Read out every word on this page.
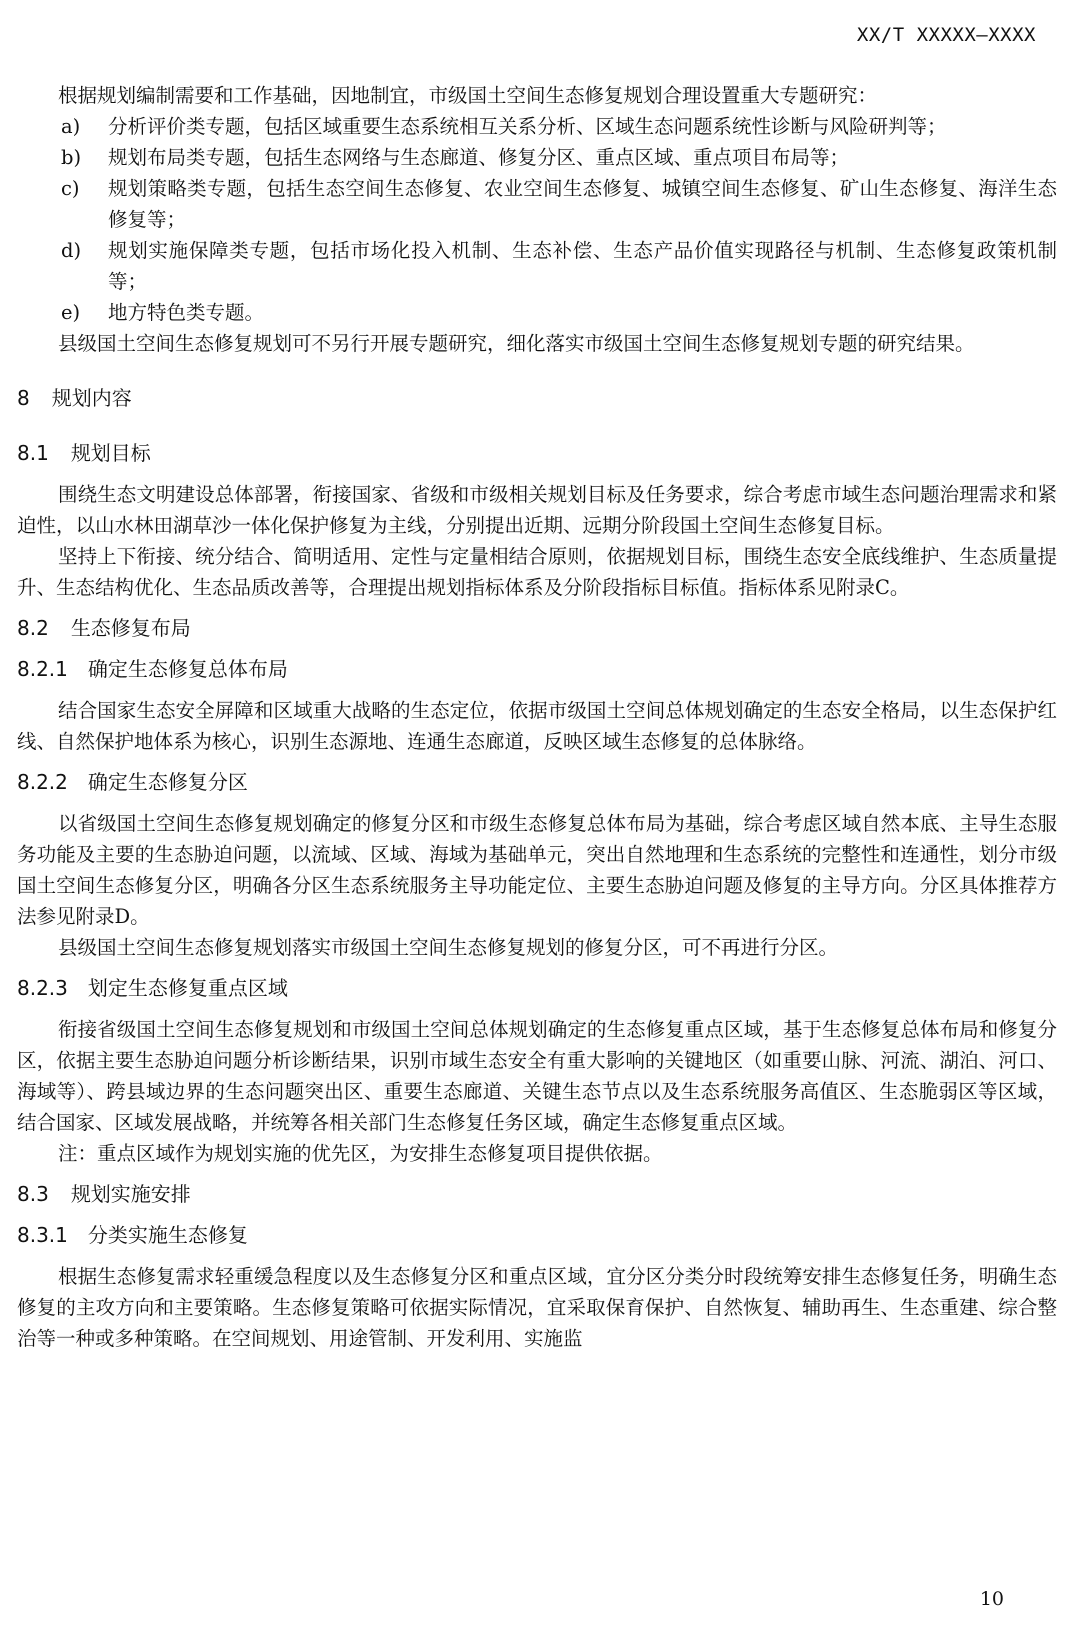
XX/T XXXXX—XXXX

根据规划编制需要和工作基础，因地制宜，市级国土空间生态修复规划合理设置重大专题研究：

a) 分析评价类专题，包括区域重要生态系统相互关系分析、区域生态问题系统性诊断与风险研判等；
b) 规划布局类专题，包括生态网络与生态廊道、修复分区、重点区域、重点项目布局等；
c) 规划策略类专题，包括生态空间生态修复、农业空间生态修复、城镇空间生态修复、矿山生态修复、海洋生态修复等；
d) 规划实施保障类专题，包括市场化投入机制、生态补偿、生态产品价值实现路径与机制、生态修复政策机制等；
e) 地方特色类专题。

县级国土空间生态修复规划可不另行开展专题研究，细化落实市级国土空间生态修复规划专题的研究结果。

8 规划内容
8.1 规划目标

围绕生态文明建设总体部署，衔接国家、省级和市级相关规划目标及任务要求，综合考虑市域生态问题治理需求和紧迫性，以山水林田湖草沙一体化保护修复为主线，分别提出近期、远期分阶段国土空间生态修复目标。

坚持上下衔接、统分结合、简明适用、定性与定量相结合原则，依据规划目标，围绕生态安全底线维护、生态质量提升、生态结构优化、生态品质改善等，合理提出规划指标体系及分阶段指标目标值。指标体系见附录C。

8.2 生态修复布局
8.2.1 确定生态修复总体布局

结合国家生态安全屏障和区域重大战略的生态定位，依据市级国土空间总体规划确定的生态安全格局，以生态保护红线、自然保护地体系为核心，识别生态源地、连通生态廊道，反映区域生态修复的总体脉络。

8.2.2 确定生态修复分区

以省级国土空间生态修复规划确定的修复分区和市级生态修复总体布局为基础，综合考虑区域自然本底、主导生态服务功能及主要的生态胁迫问题，以流域、区域、海域为基础单元，突出自然地理和生态系统的完整性和连通性，划分市级国土空间生态修复分区，明确各分区生态系统服务主导功能定位、主要生态胁迫问题及修复的主导方向。分区具体推荐方法参见附录D。

县级国土空间生态修复规划落实市级国土空间生态修复规划的修复分区，可不再进行分区。

8.2.3 划定生态修复重点区域

衔接省级国土空间生态修复规划和市级国土空间总体规划确定的生态修复重点区域，基于生态修复总体布局和修复分区，依据主要生态胁迫问题分析诊断结果，识别市域生态安全有重大影响的关键地区（如重要山脉、河流、湖泊、河口、海域等）、跨县域边界的生态问题突出区、重要生态廊道、关键生态节点以及生态系统服务高值区、生态脆弱区等区域，结合国家、区域发展战略，并统筹各相关部门生态修复任务区域，确定生态修复重点区域。

注：重点区域作为规划实施的优先区，为安排生态修复项目提供依据。

8.3 规划实施安排
8.3.1 分类实施生态修复

根据生态修复需求轻重缓急程度以及生态修复分区和重点区域，宜分区分类分时段统筹安排生态修复任务，明确生态修复的主攻方向和主要策略。生态修复策略可依据实际情况，宜采取保育保护、自然恢复、辅助再生、生态重建、综合整治等一种或多种策略。在空间规划、用途管制、开发利用、实施监

10
